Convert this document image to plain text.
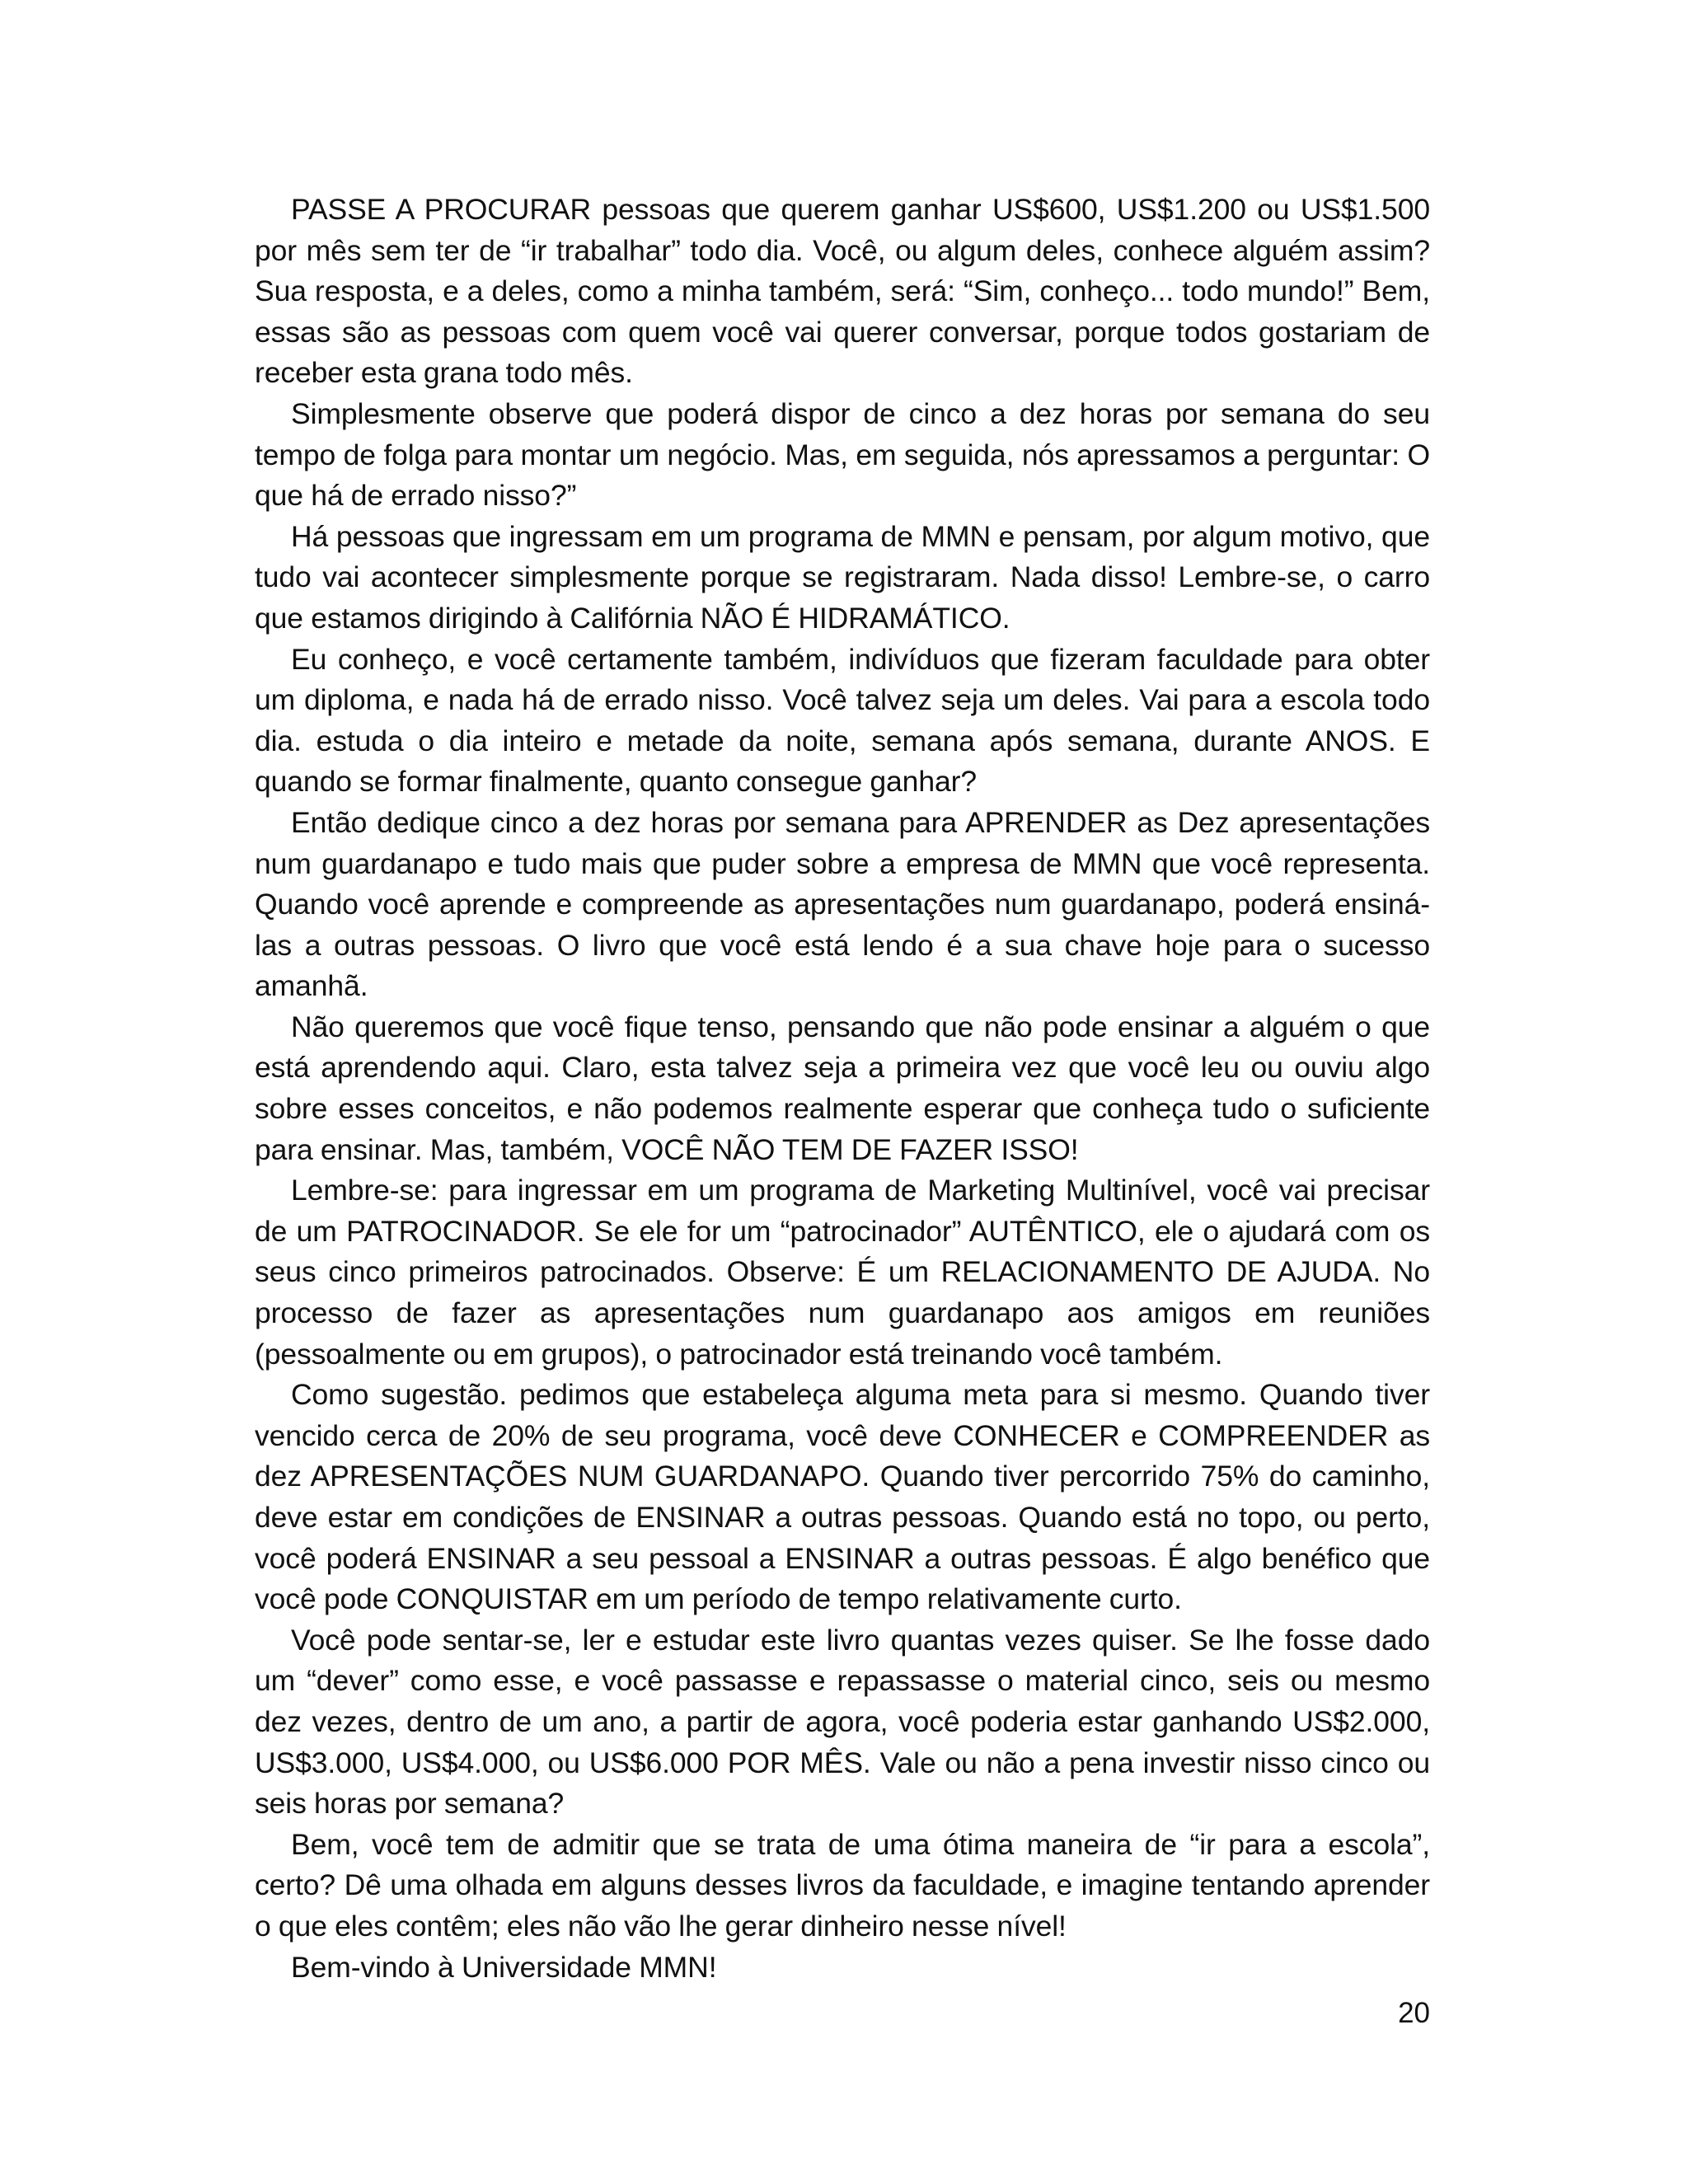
PASSE A PROCURAR pessoas que querem ganhar US$600, US$1.200 ou US$1.500 por mês sem ter de “ir trabalhar” todo dia. Você, ou algum deles, conhece alguém assim? Sua resposta, e a deles, como a minha também, será: “Sim, conheço... todo mundo!” Bem, essas são as pessoas com quem você vai querer conversar, porque todos gostariam de receber esta grana todo mês.

Simplesmente observe que poderá dispor de cinco a dez horas por semana do seu tempo de folga para montar um negócio. Mas, em seguida, nós apressamos a perguntar: O que há de errado nisso?”

Há pessoas que ingressam em um programa de MMN e pensam, por algum motivo, que tudo vai acontecer simplesmente porque se registraram. Nada disso! Lembre-se, o carro que estamos dirigindo à Califórnia NÃO É HIDRAMÁTICO.

Eu conheço, e você certamente também, indivíduos que fizeram faculdade para obter um diploma, e nada há de errado nisso. Você talvez seja um deles. Vai para a escola todo dia. estuda o dia inteiro e metade da noite, semana após semana, durante ANOS. E quando se formar finalmente, quanto consegue ganhar?

Então dedique cinco a dez horas por semana para APRENDER as Dez apresentações num guardanapo e tudo mais que puder sobre a empresa de MMN que você representa. Quando você aprende e compreende as apresentações num guardanapo, poderá ensiná-las a outras pessoas. O livro que você está lendo é a sua chave hoje para o sucesso amanhã.

Não queremos que você fique tenso, pensando que não pode ensinar a alguém o que está aprendendo aqui. Claro, esta talvez seja a primeira vez que você leu ou ouviu algo sobre esses conceitos, e não podemos realmente esperar que conheça tudo o suficiente para ensinar. Mas, também, VOCÊ NÃO TEM DE FAZER ISSO!

Lembre-se: para ingressar em um programa de Marketing Multinível, você vai precisar de um PATROCINADOR. Se ele for um “patrocinador” AUTÊNTICO, ele o ajudará com os seus cinco primeiros patrocinados. Observe: É um RELACIONAMENTO DE AJUDA. No processo de fazer as apresentações num guardanapo aos amigos em reuniões (pessoalmente ou em grupos), o patrocinador está treinando você também.

Como sugestão. pedimos que estabeleça alguma meta para si mesmo. Quando tiver vencido cerca de 20% de seu programa, você deve CONHECER e COMPREENDER as dez APRESENTAÇÕES NUM GUARDANAPO. Quando tiver percorrido 75% do caminho, deve estar em condições de ENSINAR a outras pessoas. Quando está no topo, ou perto, você poderá ENSINAR a seu pessoal a ENSINAR a outras pessoas. É algo benéfico que você pode CONQUISTAR em um período de tempo relativamente curto.

Você pode sentar-se, ler e estudar este livro quantas vezes quiser. Se lhe fosse dado um “dever” como esse, e você passasse e repassasse o material cinco, seis ou mesmo dez vezes, dentro de um ano, a partir de agora, você poderia estar ganhando US$2.000, US$3.000, US$4.000, ou US$6.000 POR MÊS. Vale ou não a pena investir nisso cinco ou seis horas por semana?

Bem, você tem de admitir que se trata de uma ótima maneira de “ir para a escola”, certo? Dê uma olhada em alguns desses livros da faculdade, e imagine tentando aprender o que eles contêm; eles não vão lhe gerar dinheiro nesse nível!

Bem-vindo à Universidade MMN!

20
